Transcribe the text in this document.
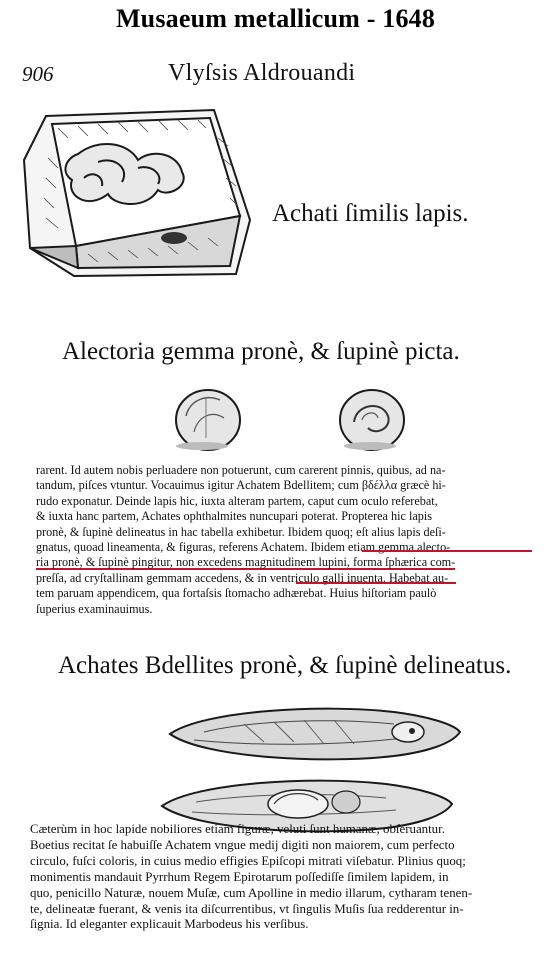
Musaeum metallicum - 1648
906	Vlyſsis Aldrouandi
Achati ſimilis lapis.
Alectoria gemma pronè, & ſupinè picta.
rarent. Id autem nobis perluadere non potuerunt, cum carerent pinnis, quibus, ad na-
tandum, piſces vtuntur. Vocauimus igitur Achatem Bdellitem; cum βδέλλα græcè hi-
rudo exponatur. Deinde lapis hic, iuxta alteram partem, caput cum oculo referebat,
& iuxta hanc partem, Achates ophthalmites nuncupari poterat. Propterea hic lapis
pronè, & ſupinè delineatus in hac tabella exhibetur. Ibidem quoq; eſt alius lapis deſi-
gnatus, quoad lineamenta, & figuras, referens Achatem. Ibidem etiam gemma alecto-
ria pronè, & ſupinè pingitur, non excedens magnitudinem lupini, forma ſphærica com-
preſſa, ad cryſtallinam gemmam accedens, & in ventriculo galli inuenta. Habebat au-
tem paruam appendicem, qua fortaſsis ſtomacho adhærebat. Huius hiſtoriam paulò
ſuperius examinauimus.
Achates Bdellites pronè, & ſupinè delineatus.
Cæterùm in hoc lapide nobiliores etiam figuræ, veluti ſunt humanæ, obſeruantur.
Boetius recitat ſe habuiſſe Achatem vngue medij digiti non maiorem, cum perfecto
circulo, fuſci coloris, in cuius medio effigies Epiſcopi mitrati viſebatur. Plinius quoq;
monimentis mandauit Pyrrhum Regem Epirotarum poſſediſſe ſimilem lapidem, in
quo, penicillo Naturæ, nouem Muſæ, cum Apolline in medio illarum, cytharam tenen-
te, delineatæ fuerant, & venis ita diſcurrentibus, vt ſingulis Muſis ſua redderentur in-
ſignia. Id eleganter explicauit Marbodeus his verſibus.
